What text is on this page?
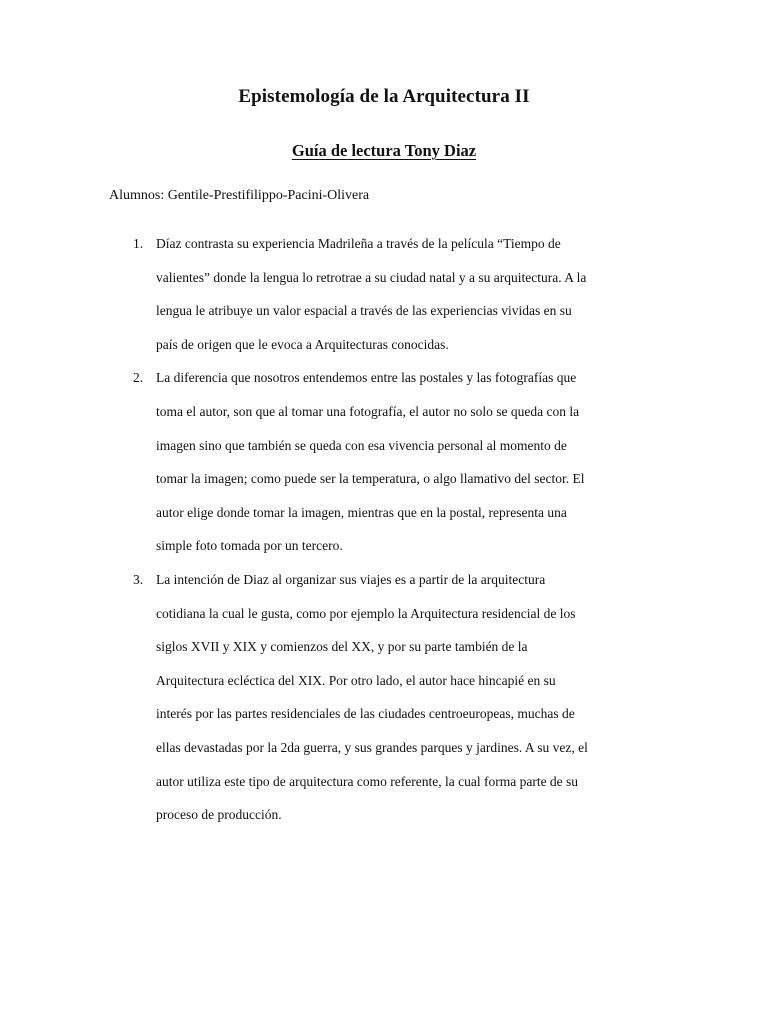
Epistemología de la Arquitectura II
Guía de lectura Tony Diaz

Alumnos: Gentile-Prestifilippo-Pacini-Olivera

1. Díaz contrasta su experiencia Madrileña a través de la película “Tiempo de
valientes” donde la lengua lo retrotrae a su ciudad natal y a su arquitectura. A la
lengua le atribuye un valor espacial a través de las experiencias vividas en su
país de origen que le evoca a Arquitecturas conocidas.
2. La diferencia que nosotros entendemos entre las postales y las fotografías que
toma el autor, son que al tomar una fotografía, el autor no solo se queda con la
imagen sino que también se queda con esa vivencia personal al momento de
tomar la imagen; como puede ser la temperatura, o algo llamativo del sector. El
autor elige donde tomar la imagen, mientras que en la postal, representa una
simple foto tomada por un tercero.
3. La intención de Diaz al organizar sus viajes es a partir de la arquitectura
cotidiana la cual le gusta, como por ejemplo la Arquitectura residencial de los
siglos XVII y XIX y comienzos del XX, y por su parte también de la
Arquitectura ecléctica del XIX. Por otro lado, el autor hace hincapié en su
interés por las partes residenciales de las ciudades centroeuropeas, muchas de
ellas devastadas por la 2da guerra, y sus grandes parques y jardines. A su vez, el
autor utiliza este tipo de arquitectura como referente, la cual forma parte de su
proceso de producción.
